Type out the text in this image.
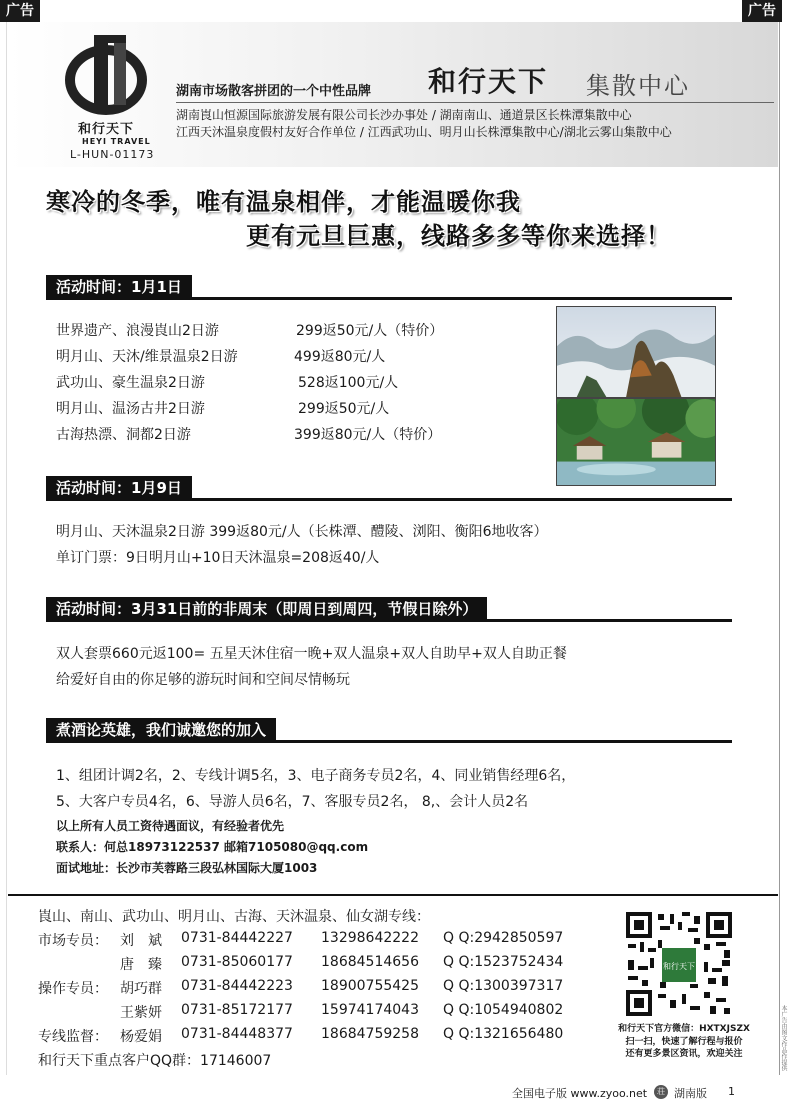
广告	广告
和行天下
HEYI TRAVEL
L-HUN-01173
湖南市场散客拼团的一个中性品牌 和行天下 集散中心
湖南崀山恒源国际旅游发展有限公司长沙办事处 / 湖南南山、通道景区长株潭集散中心
江西天沐温泉度假村友好合作单位 / 江西武功山、明月山长株潭集散中心/湖北云雾山集散中心
寒冷的冬季，唯有温泉相伴，才能温暖你我
更有元旦巨惠，线路多多等你来选择！
活动时间：1月1日
世界遗产、浪漫崀山2日游	299返50元/人（特价）
明月山、天沐/维景温泉2日游	499返80元/人
武功山、豪生温泉2日游	528返100元/人
明月山、温汤古井2日游	299返50元/人
古海热漂、洞都2日游	399返80元/人（特价）
活动时间：1月9日
明月山、天沐温泉2日游 399返80元/人（长株潭、醴陵、浏阳、衡阳6地收客）
单订门票：9日明月山+10日天沐温泉=208返40/人
活动时间：3月31日前的非周末（即周日到周四，节假日除外）
双人套票660元返100= 五星天沐住宿一晚+双人温泉+双人自助早+双人自助正餐
给爱好自由的你足够的游玩时间和空间尽情畅玩
煮酒论英雄，我们诚邀您的加入
1、组团计调2名，2、专线计调5名，3、电子商务专员2名，4、同业销售经理6名，
5、大客户专员4名，6、导游人员6名，7、客服专员2名， 8,、会计人员2名
以上所有人员工资待遇面议，有经验者优先
联系人：何总18973122537 邮箱7105080@qq.com
面试地址：长沙市芙蓉路三段弘林国际大厦1003
崀山、南山、武功山、明月山、古海、天沐温泉、仙女湖专线：
市场专员： 刘　斌 0731-84442227 13298642222 Q Q:2942850597
唐　臻 0731-85060177 18684514656 Q Q:1523752434
操作专员： 胡巧群 0731-84442223 18900755425 Q Q:1300397317
王紫妍 0731-85172177 15974174043 Q Q:1054940802
专线监督： 杨爱娟 0731-84448377 18684759258 Q Q:1321656480
和行天下重点客户QQ群：17146007
和行天下
和行天下官方微信：HXTXJSZX
扫一扫，快速了解行程与报价
还有更多景区资讯，欢迎关注	本广告由图文作品作提供
全国电子版 www.zyoo.net	荘 湖南版 1
